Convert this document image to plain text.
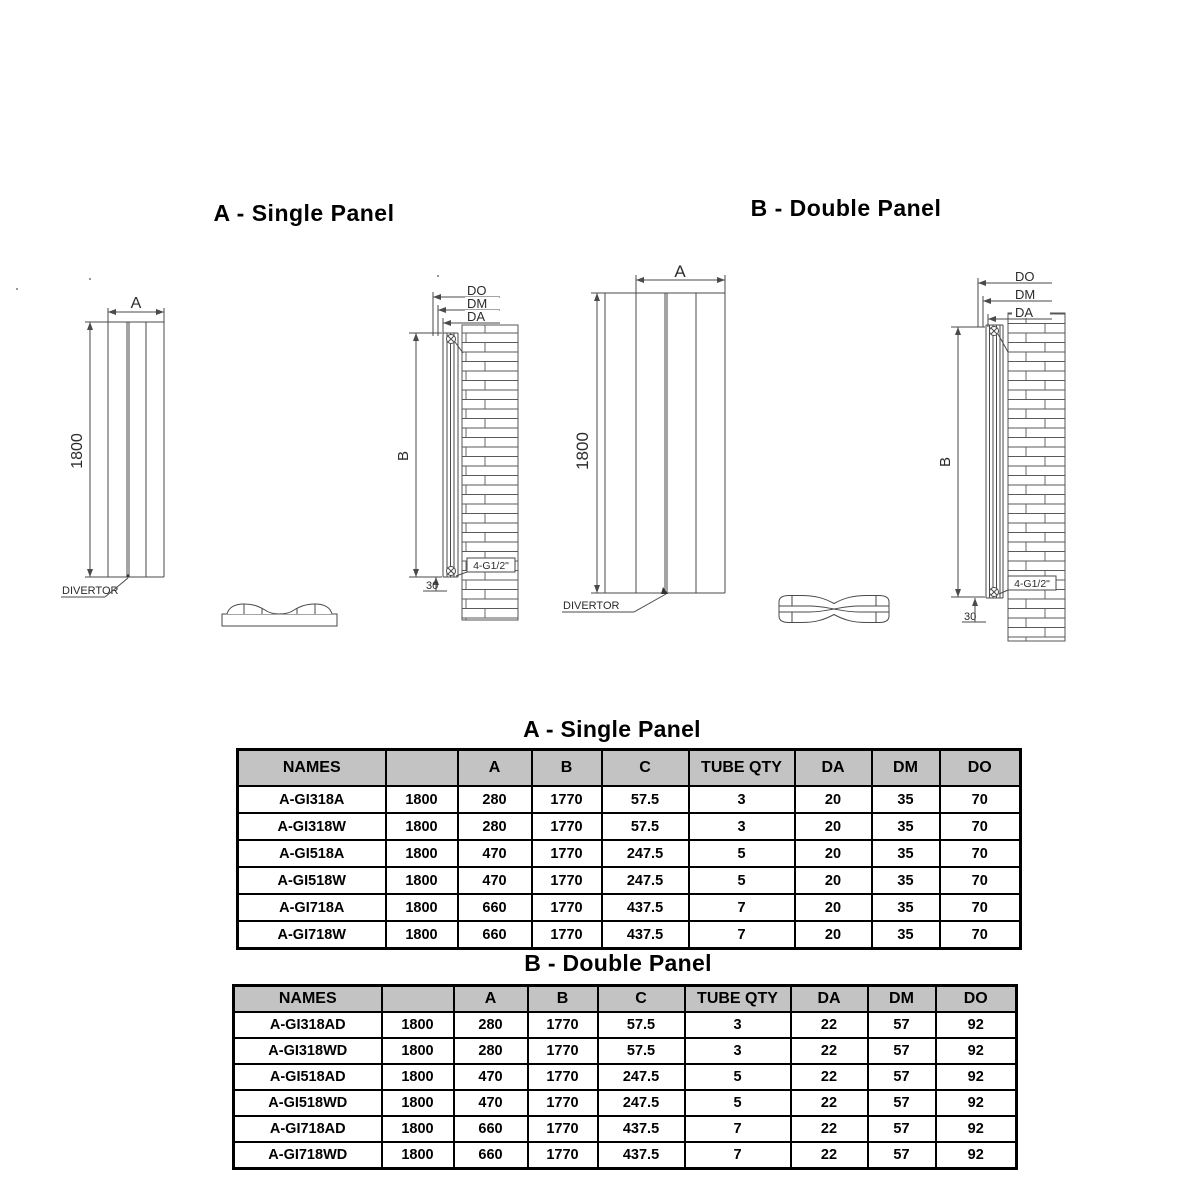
A - Single Panel	B - Double Panel
A
1800
DIVERTOR
B
DO
DM
DA
4-G1/2"
30
A
1800
DIVERTOR
B
DO
DM
DA
4-G1/2"
30
A - Single Panel
NAMES		A	B	C	TUBE QTY	DA	DM	DO
A-GI318A	1800	280	1770	57.5	3	20	35	70
A-GI318W	1800	280	1770	57.5	3	20	35	70
A-GI518A	1800	470	1770	247.5	5	20	35	70
A-GI518W	1800	470	1770	247.5	5	20	35	70
A-GI718A	1800	660	1770	437.5	7	20	35	70
A-GI718W	1800	660	1770	437.5	7	20	35	70
B - Double Panel
NAMES		A	B	C	TUBE QTY	DA	DM	DO
A-GI318AD	1800	280	1770	57.5	3	22	57	92
A-GI318WD	1800	280	1770	57.5	3	22	57	92
A-GI518AD	1800	470	1770	247.5	5	22	57	92
A-GI518WD	1800	470	1770	247.5	5	22	57	92
A-GI718AD	1800	660	1770	437.5	7	22	57	92
A-GI718WD	1800	660	1770	437.5	7	22	57	92
